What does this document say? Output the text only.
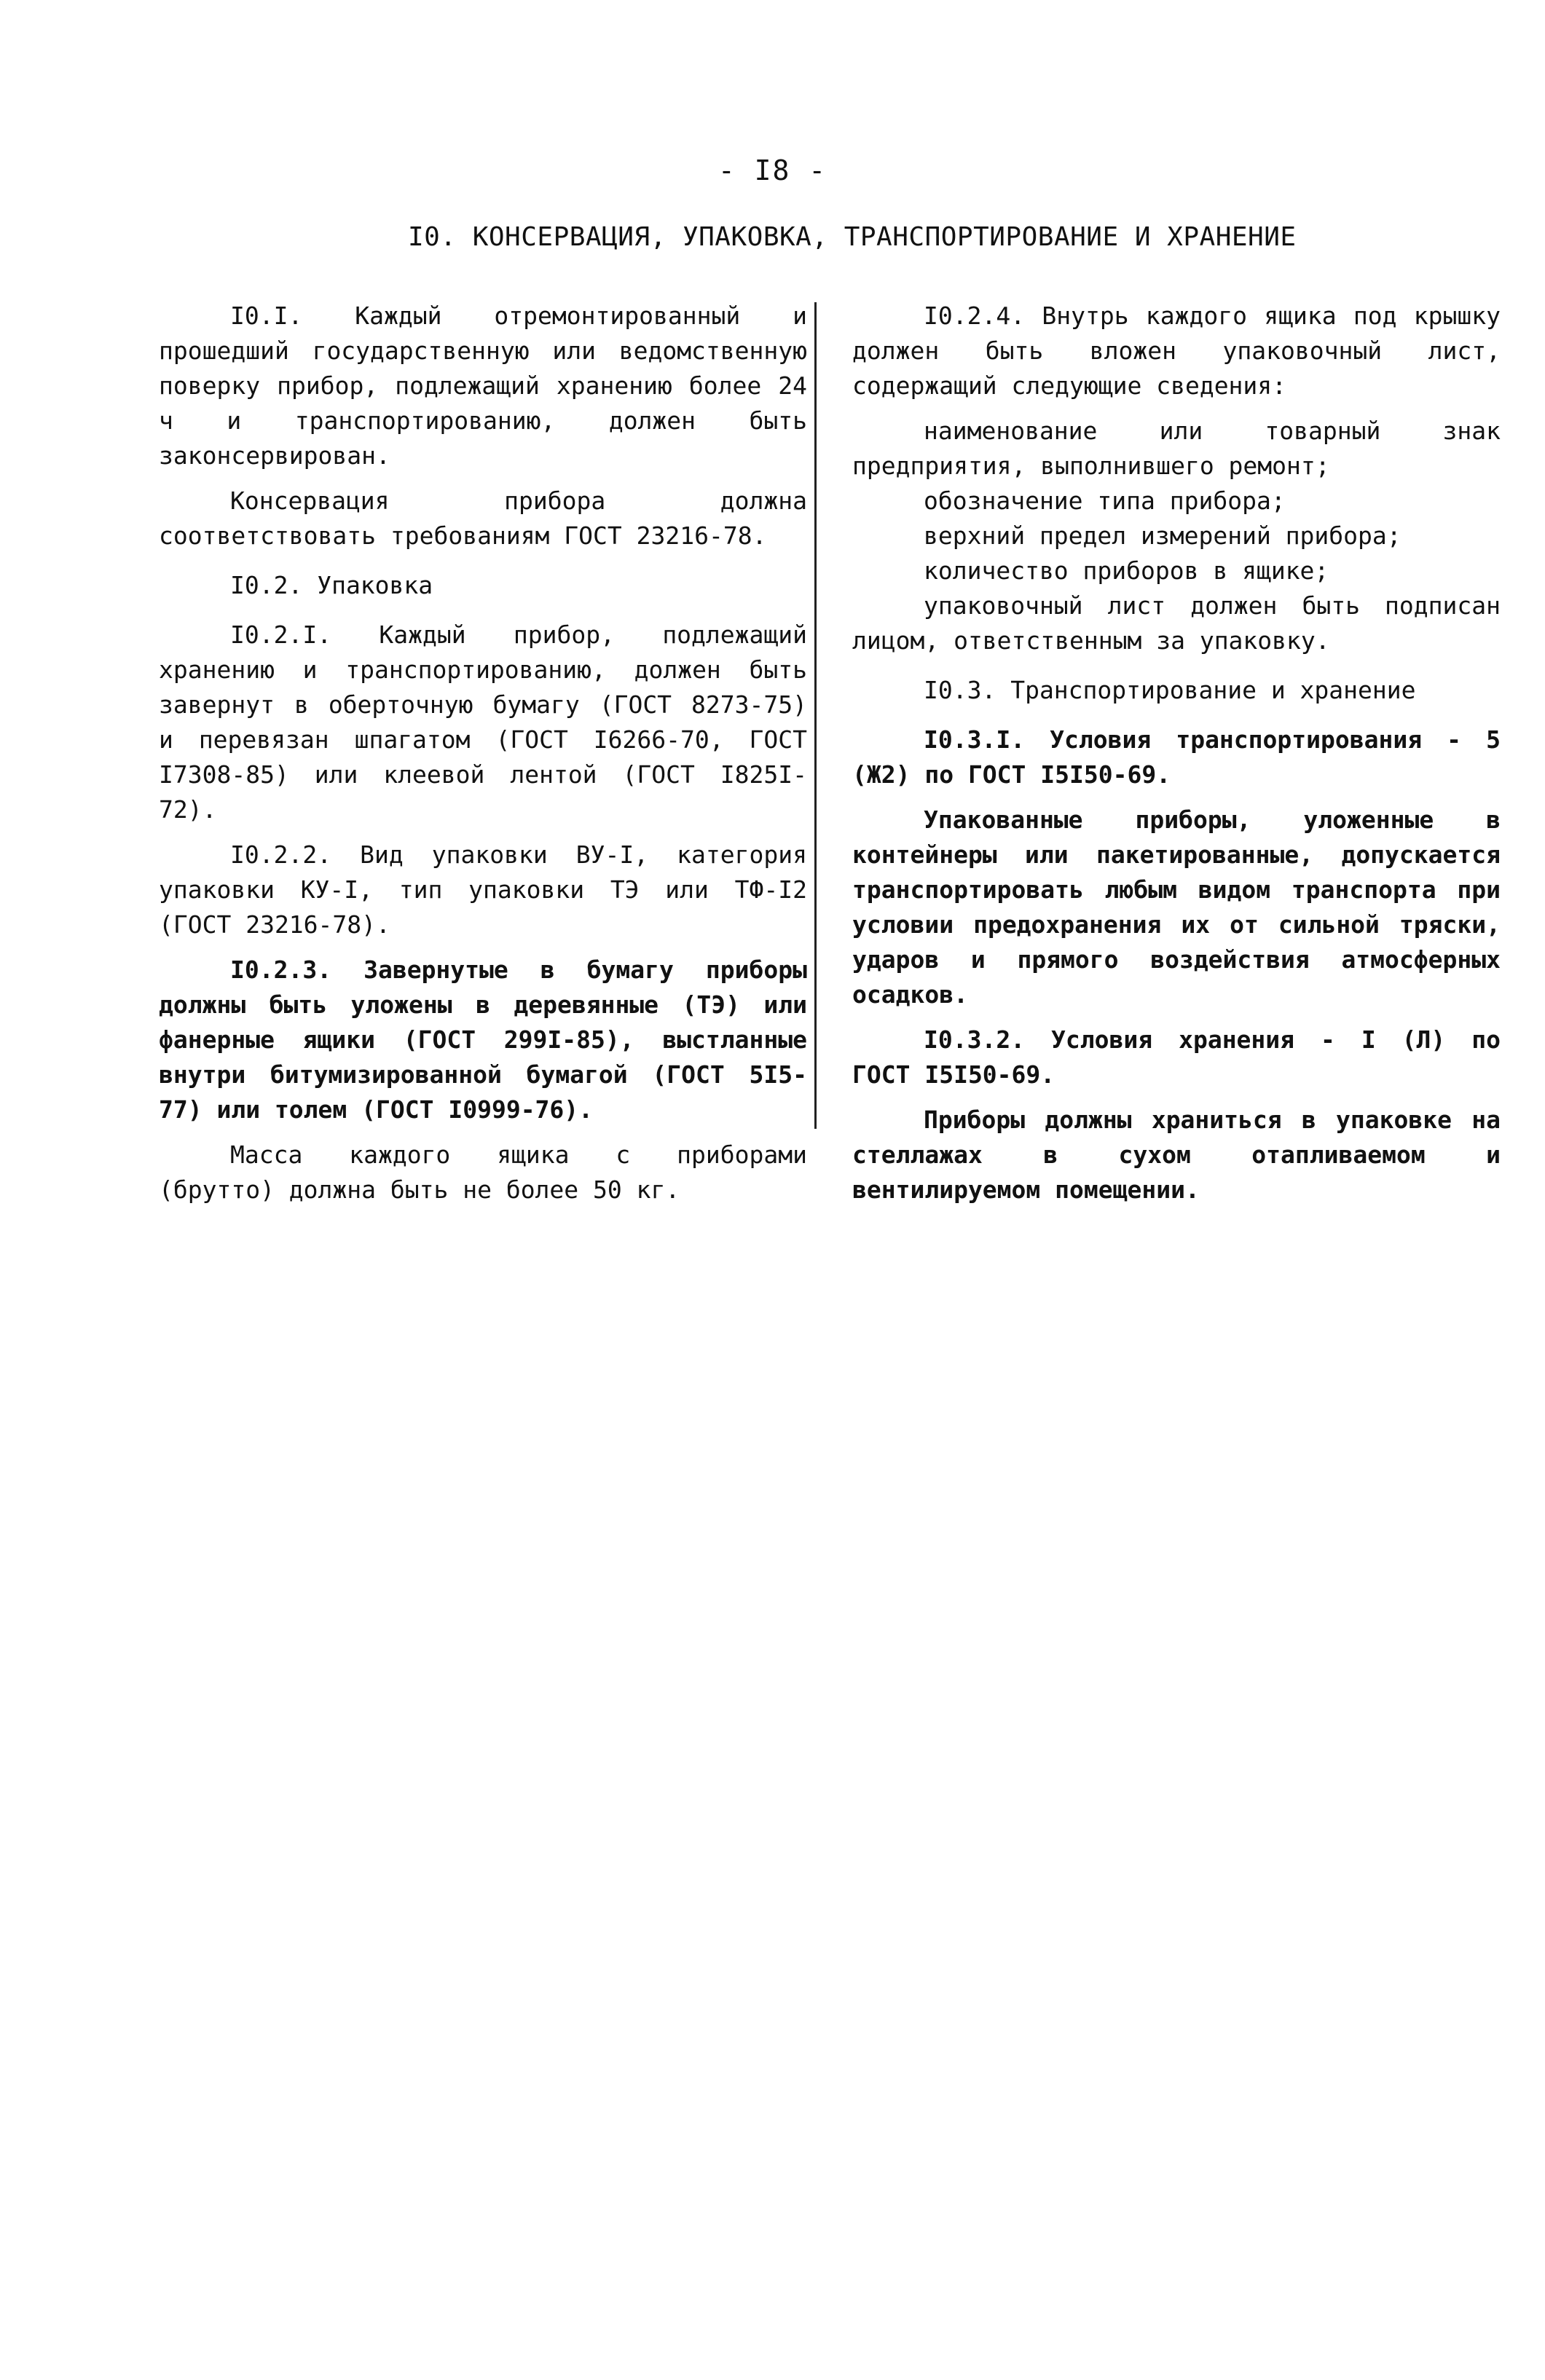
- I8 -
I0. КОНСЕРВАЦИЯ, УПАКОВКА, ТРАНСПОРТИРОВАНИЕ И ХРАНЕНИЕ

I0.I. Каждый отремонтированный и прошедший государственную или ведомственную поверку прибор, подлежащий хранению более 24 ч и транспортированию, должен быть законсервирован.

Консервация прибора должна соответствовать требованиям ГОСТ 23216-78.

I0.2. Упаковка

I0.2.I. Каждый прибор, подлежащий хранению и транспортированию, должен быть завернут в оберточную бумагу (ГОСТ 8273-75) и перевязан шпагатом (ГОСТ I6266-70, ГОСТ I7308-85) или клеевой лентой (ГОСТ I825I-72).

I0.2.2. Вид упаковки ВУ-I, категория упаковки КУ-I, тип упаковки ТЭ или ТФ-I2 (ГОСТ 23216-78).

I0.2.3. Завернутые в бумагу приборы должны быть уложены в деревянные (ТЭ) или фанерные ящики (ГОСТ 299I-85), выстланные внутри битумизированной бумагой (ГОСТ 5I5-77) или толем (ГОСТ I0999-76).

Масса каждого ящика с приборами (брутто) должна быть не более 50 кг.

I0.2.4. Внутрь каждого ящика под крышку должен быть вложен упаковочный лист, содержащий следующие сведения:

наименование или товарный знак предприятия, выполнившего ремонт;

обозначение типа прибора;

верхний предел измерений прибора;

количество приборов в ящике;

упаковочный лист должен быть подписан лицом, ответственным за упаковку.

I0.3. Транспортирование и хранение

I0.3.I. Условия транспортирования - 5 (Ж2) по ГОСТ I5I50-69.

Упакованные приборы, уложенные в контейнеры или пакетированные, допускается транспортировать любым видом транспорта при условии предохранения их от сильной тряски, ударов и прямого воздействия атмосферных осадков.

I0.3.2. Условия хранения - I (Л) по ГОСТ I5I50-69.

Приборы должны храниться в упаковке на стеллажах в сухом отапливаемом и вентилируемом помещении.
